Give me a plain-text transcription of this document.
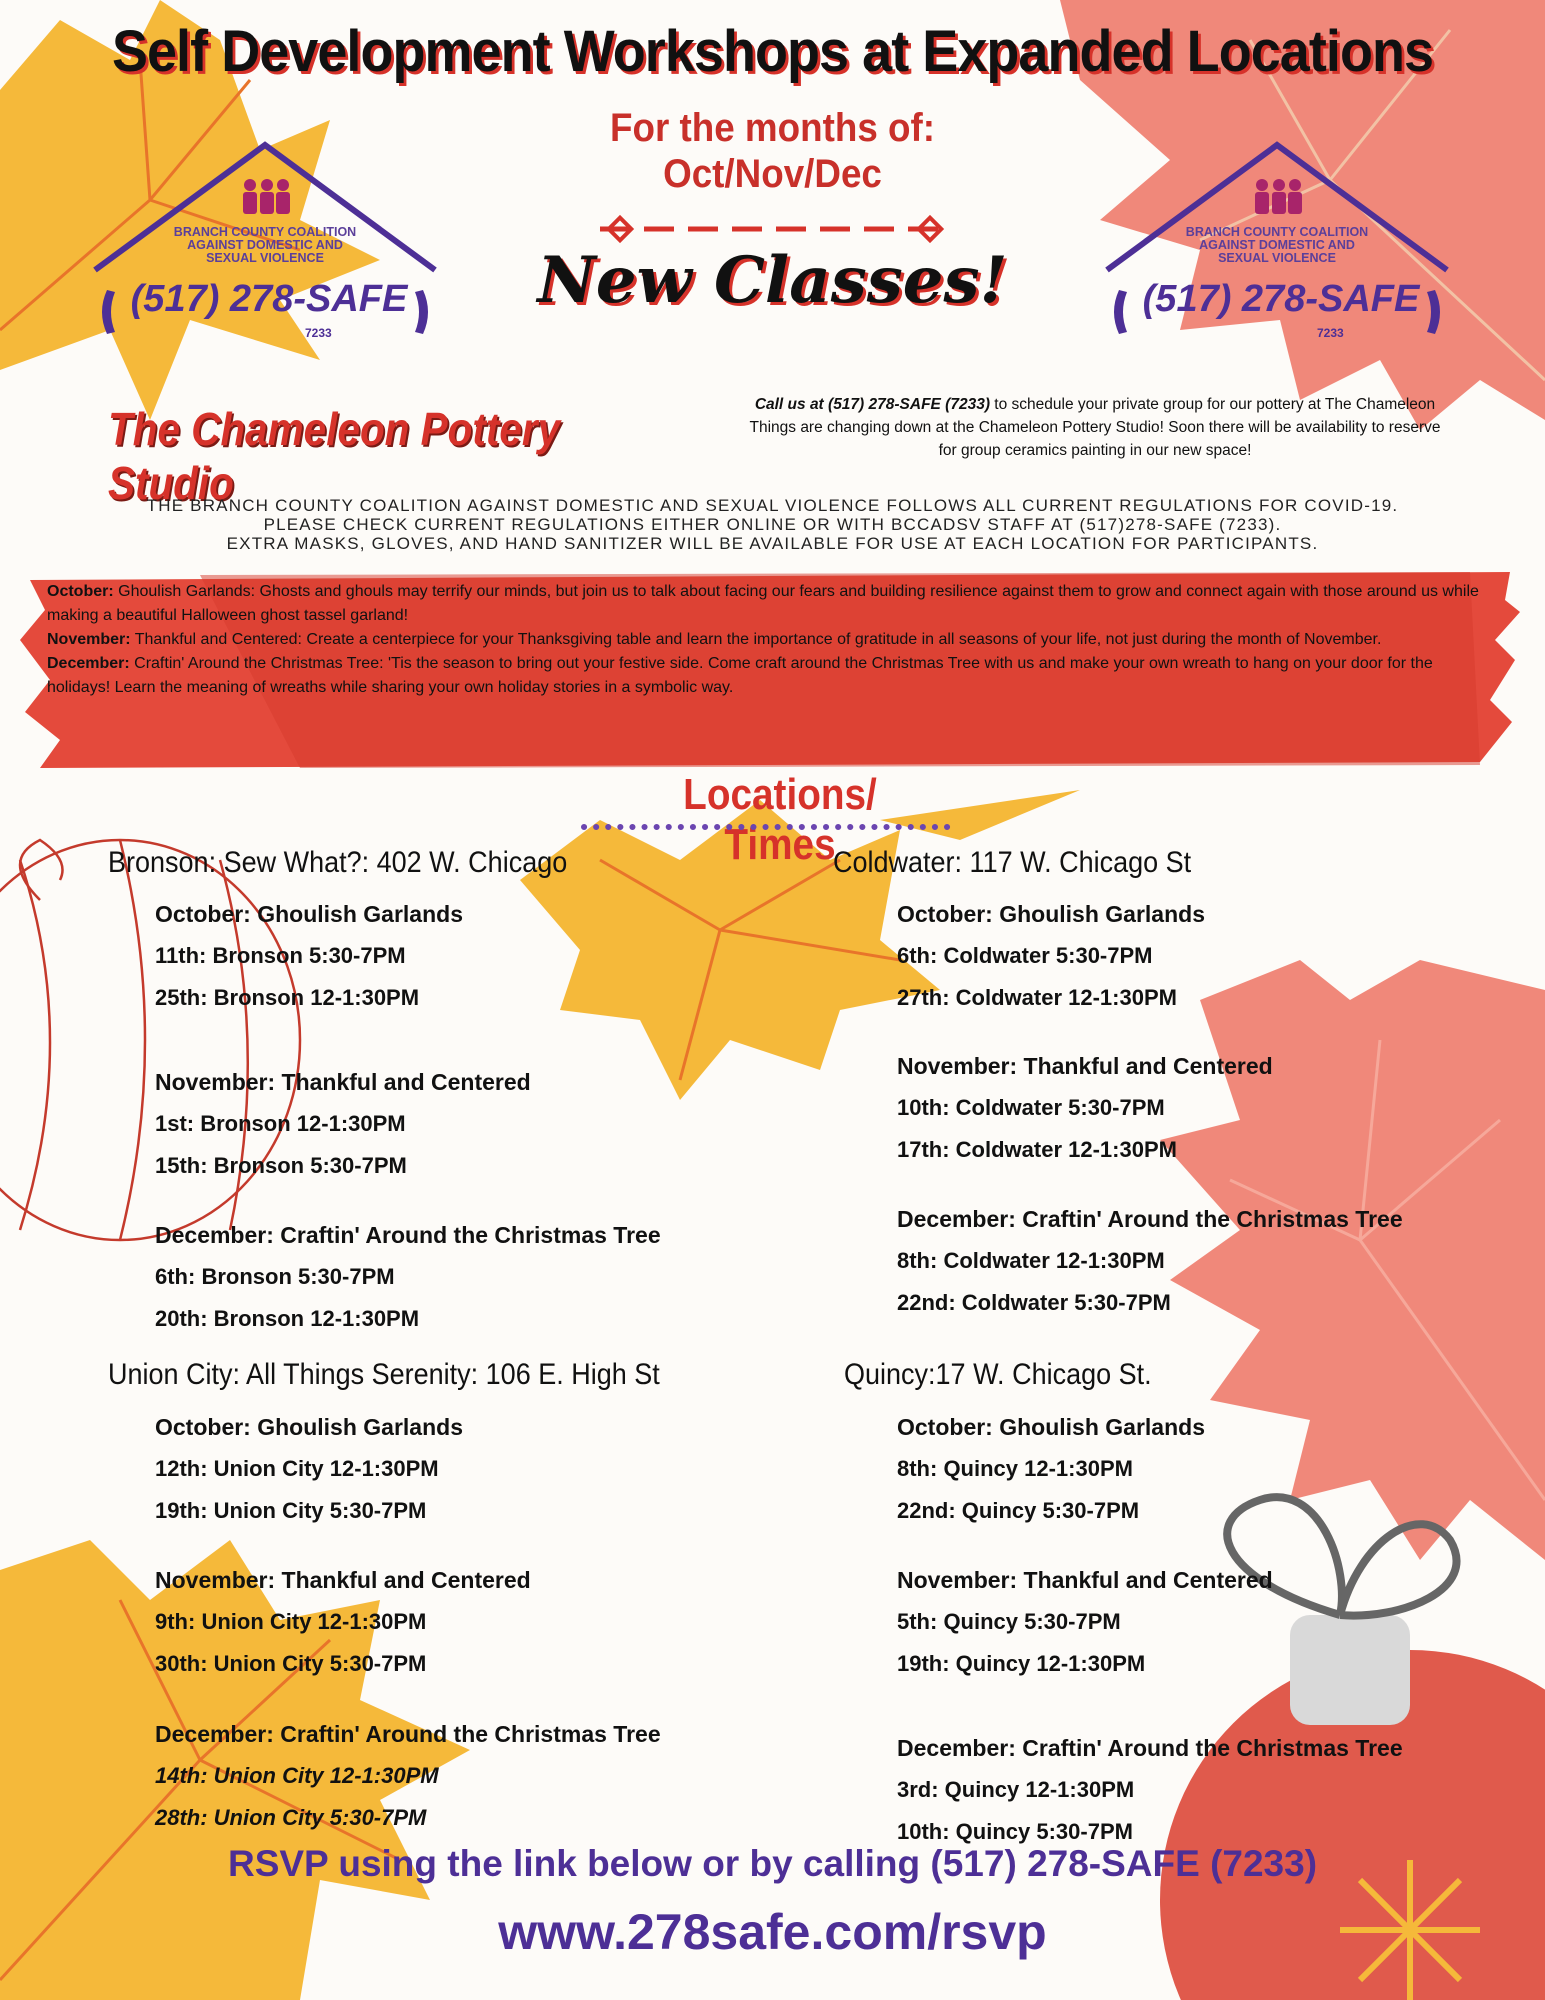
Self Development Workshops at Expanded Locations
For the months of:
Oct/Nov/Dec
New Classes!
BRANCH COUNTY COALITION
AGAINST DOMESTIC AND
SEXUAL VIOLENCE
(517) 278-SAFE
7233
BRANCH COUNTY COALITION
AGAINST DOMESTIC AND
SEXUAL VIOLENCE
(517) 278-SAFE
7233
The Chameleon Pottery Studio
Call us at (517) 278-SAFE (7233) to schedule your private group for our pottery at The Chameleon
Things are changing down at the Chameleon Pottery Studio! Soon there will be availability to reserve
for group ceramics painting in our new space!
THE BRANCH COUNTY COALITION AGAINST DOMESTIC AND SEXUAL VIOLENCE FOLLOWS ALL CURRENT REGULATIONS FOR COVID-19.
PLEASE CHECK CURRENT REGULATIONS EITHER ONLINE OR WITH BCCADSV STAFF AT (517)278-SAFE (7233).
EXTRA MASKS, GLOVES, AND HAND SANITIZER WILL BE AVAILABLE FOR USE AT EACH LOCATION FOR PARTICIPANTS.
October: Ghoulish Garlands: Ghosts and ghouls may terrify our minds, but join us to talk about facing our fears and building resilience against them to grow and connect again with those around us while making a beautiful Halloween ghost tassel garland!
November: Thankful and Centered: Create a centerpiece for your Thanksgiving table and learn the importance of gratitude in all seasons of your life, not just during the month of November.
December: Craftin' Around the Christmas Tree: 'Tis the season to bring out your festive side. Come craft around the Christmas Tree with us and make your own wreath to hang on your door for the holidays! Learn the meaning of wreaths while sharing your own holiday stories in a symbolic way.
Locations/ Times
Bronson: Sew What?: 402 W. Chicago
October: Ghoulish Garlands
11th: Bronson 5:30-7PM
25th: Bronson 12-1:30PM
November: Thankful and Centered
1st: Bronson 12-1:30PM
15th: Bronson 5:30-7PM
December: Craftin' Around the Christmas Tree
6th: Bronson 5:30-7PM
20th: Bronson 12-1:30PM
Coldwater: 117 W. Chicago St
October: Ghoulish Garlands
6th: Coldwater 5:30-7PM
27th: Coldwater 12-1:30PM
November: Thankful and Centered
10th: Coldwater 5:30-7PM
17th: Coldwater 12-1:30PM
December: Craftin' Around the Christmas Tree
8th: Coldwater 12-1:30PM
22nd: Coldwater 5:30-7PM
Union City: All Things Serenity: 106 E. High St
October: Ghoulish Garlands
12th: Union City 12-1:30PM
19th: Union City 5:30-7PM
November: Thankful and Centered
9th: Union City 12-1:30PM
30th: Union City 5:30-7PM
December: Craftin' Around the Christmas Tree
14th: Union City 12-1:30PM
28th: Union City 5:30-7PM
Quincy:17 W. Chicago St.
October: Ghoulish Garlands
8th: Quincy 12-1:30PM
22nd: Quincy 5:30-7PM
November: Thankful and Centered
5th: Quincy 5:30-7PM
19th: Quincy 12-1:30PM
December: Craftin' Around the Christmas Tree
3rd: Quincy 12-1:30PM
10th: Quincy 5:30-7PM
RSVP using the link below or by calling (517) 278-SAFE (7233)
www.278safe.com/rsvp
